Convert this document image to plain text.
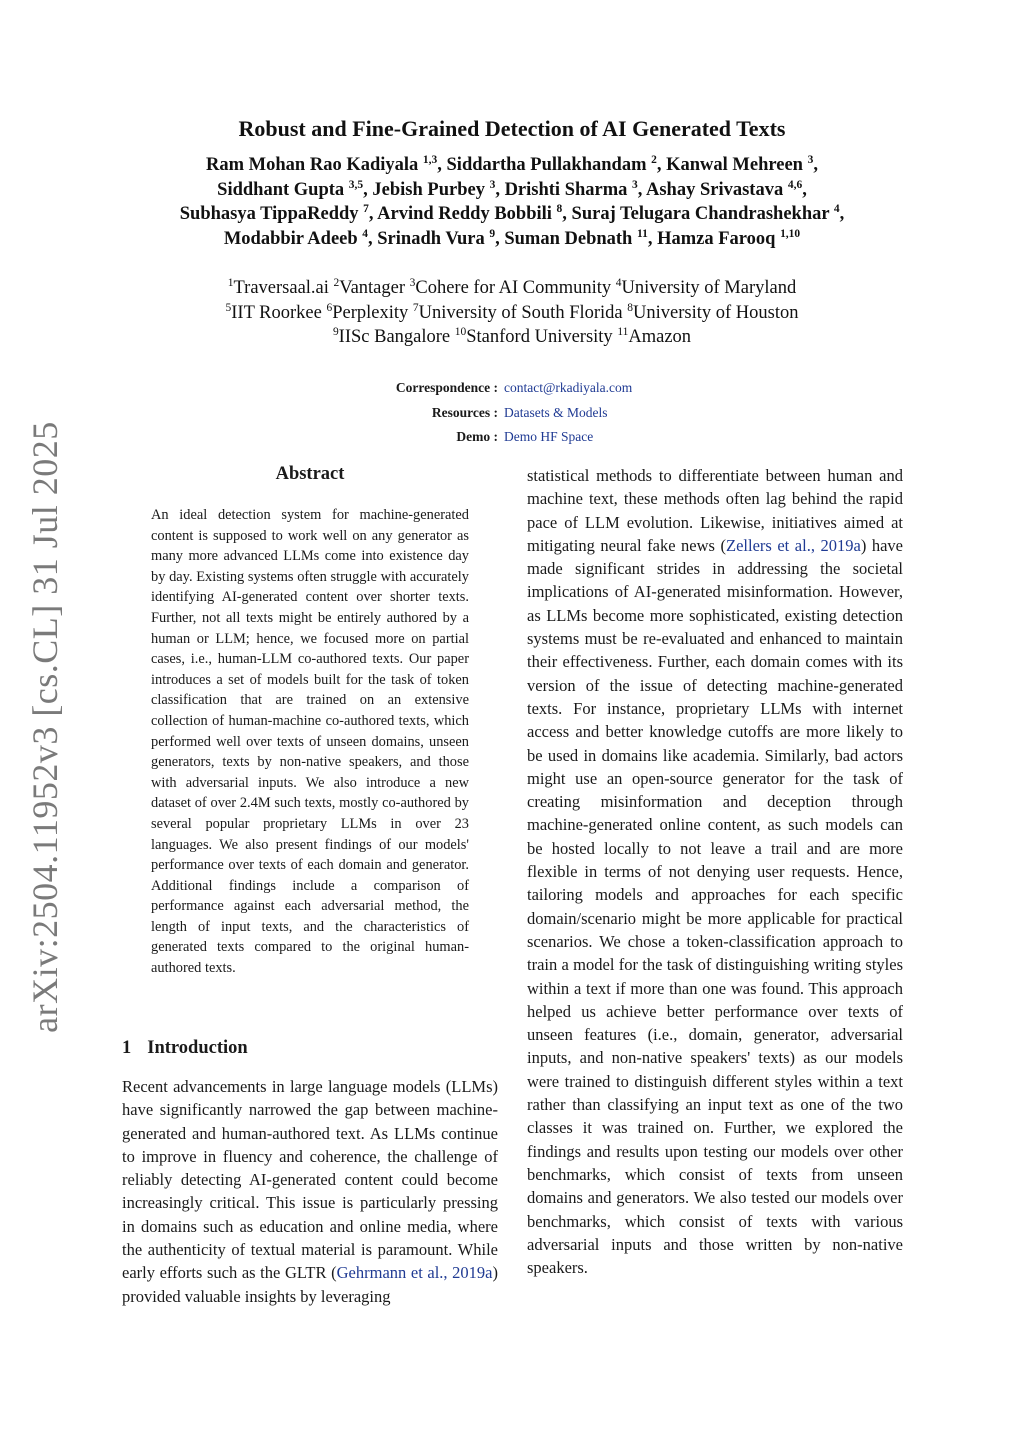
arXiv:2504.11952v3 [cs.CL] 31 Jul 2025
Robust and Fine-Grained Detection of AI Generated Texts

Ram Mohan Rao Kadiyala $^{1,3}$, Siddartha Pullakhandam $^2$, Kanwal Mehreen $^3$,

Siddhant Gupta $^{3,5}$, Jebish Purbey $^3$, Drishti Sharma $^3$, Ashay Srivastava $^{4,6}$,

Subhasya TippaReddy $^7$, Arvind Reddy Bobbili $^8$, Suraj Telugara Chandrashekhar $^4$,

Modabbir Adeeb $^4$, Srinadh Vura $^9$, Suman Debnath $^{11}$, Hamza Farooq $^{1,10}$

$^1$Traversaal.ai $^2$Vantager $^3$Cohere for AI Community $^4$University of Maryland

$^5$IIT Roorkee $^6$Perplexity $^7$University of South Florida $^8$University of Houston

$^9$IISc Bangalore $^{10}$Stanford University $^{11}$Amazon

Correspondence : contact@rkadiyala.com
Resources : Datasets & Models
Demo : Demo HF Space
Abstract

An ideal detection system for machine-generated content is supposed to work well on any generator as many more advanced LLMs come into existence day by day. Existing systems often struggle with accurately identifying AI-generated content over shorter texts. Further, not all texts might be entirely authored by a human or LLM; hence, we focused more on partial cases, i.e., human-LLM co-authored texts. Our paper introduces a set of models built for the task of token classification that are trained on an extensive collection of human-machine co-authored texts, which performed well over texts of unseen domains, unseen generators, texts by non-native speakers, and those with adversarial inputs. We also introduce a new dataset of over 2.4M such texts, mostly co-authored by several popular proprietary LLMs in over 23 languages. We also present findings of our models' performance over texts of each domain and generator. Additional findings include a comparison of performance against each adversarial method, the length of input texts, and the characteristics of generated texts compared to the original human-authored texts.

1 Introduction

Recent advancements in large language models (LLMs) have significantly narrowed the gap between machine-generated and human-authored text. As LLMs continue to improve in fluency and coherence, the challenge of reliably detecting AI-generated content could become increasingly critical. This issue is particularly pressing in domains such as education and online media, where the authenticity of textual material is paramount. While early efforts such as the GLTR (Gehrmann et al., 2019a) provided valuable insights by leveraging

statistical methods to differentiate between human and machine text, these methods often lag behind the rapid pace of LLM evolution. Likewise, initiatives aimed at mitigating neural fake news (Zellers et al., 2019a) have made significant strides in addressing the societal implications of AI-generated misinformation. However, as LLMs become more sophisticated, existing detection systems must be re-evaluated and enhanced to maintain their effectiveness. Further, each domain comes with its version of the issue of detecting machine-generated texts. For instance, proprietary LLMs with internet access and better knowledge cutoffs are more likely to be used in domains like academia. Similarly, bad actors might use an open-source generator for the task of creating misinformation and deception through machine-generated online content, as such models can be hosted locally to not leave a trail and are more flexible in terms of not denying user requests. Hence, tailoring models and approaches for each specific domain/scenario might be more applicable for practical scenarios. We chose a token-classification approach to train a model for the task of distinguishing writing styles within a text if more than one was found. This approach helped us achieve better performance over texts of unseen features (i.e., domain, generator, adversarial inputs, and non-native speakers' texts) as our models were trained to distinguish different styles within a text rather than classifying an input text as one of the two classes it was trained on. Further, we explored the findings and results upon testing our models over other benchmarks, which consist of texts from unseen domains and generators. We also tested our models over benchmarks, which consist of texts with various adversarial inputs and those written by non-native speakers.
